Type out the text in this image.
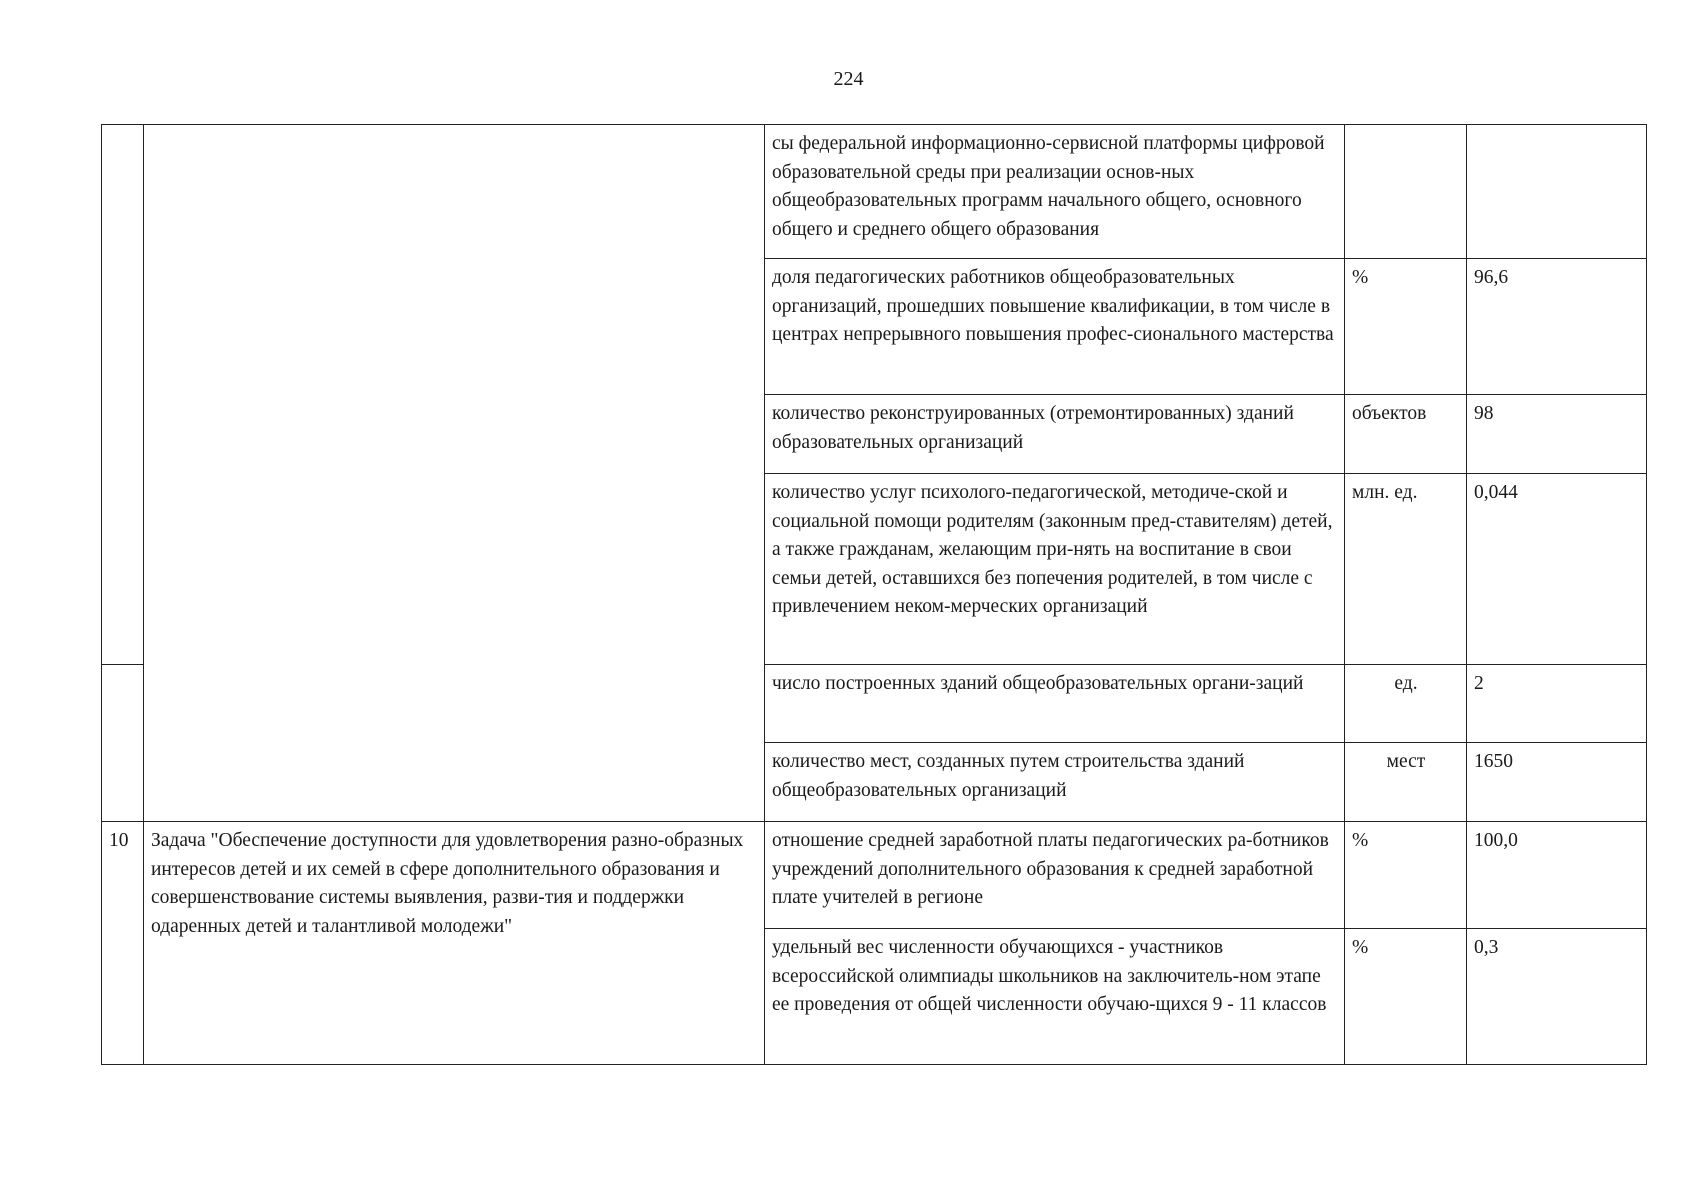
224
		сы федеральной информационно-сервисной платформы цифровой образовательной среды при реализации основ-ных общеобразовательных программ начального общего, основного общего и среднего общего образования		
		доля педагогических работников общеобразовательных организаций, прошедших повышение квалификации, в том числе в центрах непрерывного повышения профес-сионального мастерства	%	96,6
		количество реконструированных (отремонтированных) зданий образовательных организаций	объектов	98
		количество услуг психолого-педагогической, методиче-ской и социальной помощи родителям (законным пред-ставителям) детей, а также гражданам, желающим при-нять на воспитание в свои семьи детей, оставшихся без попечения родителей, в том числе с привлечением неком-мерческих организаций	млн. ед.	0,044
		число построенных зданий общеобразовательных органи-заций	ед.	2
		количество мест, созданных путем строительства зданий общеобразовательных организаций	мест	1650
10	Задача "Обеспечение доступности для удовлетворения разно-образных интересов детей и их семей в сфере дополнительного образования и совершенствование системы выявления, разви-тия и поддержки одаренных детей и талантливой молодежи"	отношение средней заработной платы педагогических ра-ботников учреждений дополнительного образования к средней заработной плате учителей в регионе	%	100,0
		удельный вес численности обучающихся - участников всероссийской олимпиады школьников на заключитель-ном этапе ее проведения от общей численности обучаю-щихся 9 - 11 классов	%	0,3
